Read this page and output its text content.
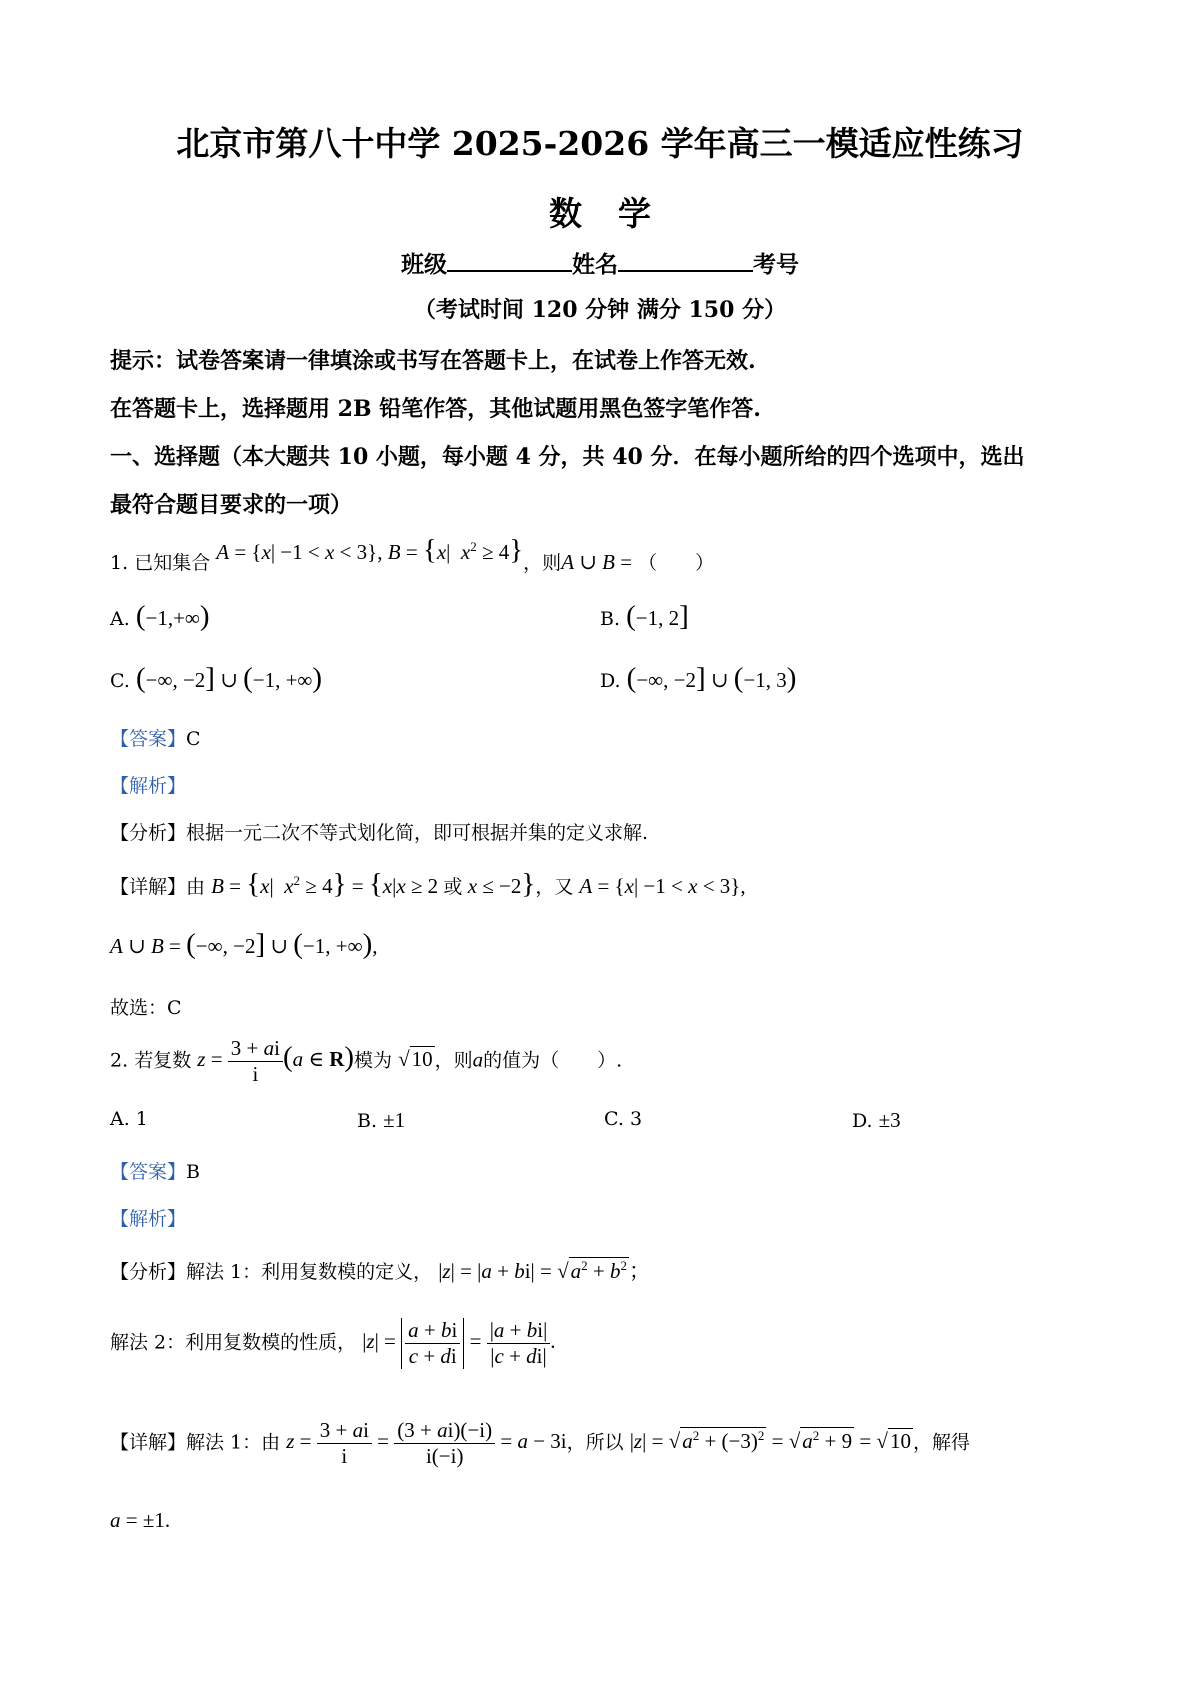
北京市第八十中学 2025-2026 学年高三一模适应性练习
数学
班级	姓名	考号
（考试时间 120 分钟 满分 150 分）
提示：试卷答案请一律填涂或书写在答题卡上，在试卷上作答无效.
在答题卡上，选择题用 2B 铅笔作答，其他试题用黑色签字笔作答.
一、选择题（本大题共 10 小题，每小题 4 分，共 40 分．在每小题所给的四个选项中，选出
最符合题目要求的一项）
1. 已知集合 A = {x| −1 < x < 3}, B = {x|  $x^2 \ge 4$}，则A ∪ B = （　　）
A. (−1,+∞)	B. (−1, 2]
C. (−∞, −2] ∪ (−1, +∞)	D. (−∞, −2] ∪ (−1, 3)
【答案】C
【解析】
【分析】根据一元二次不等式划化简，即可根据并集的定义求解.
【详解】由 B = {x|  $x^2 \ge 4\} = \{x|x \ge 2$ 或 x ≤ −2}，又 A = {x| −1 < x < 3},
A ∪ B = (−∞, −2] ∪ (−1, +∞),
故选：C
2. 若复数 $z = \frac{3 + ai}{i} (a$ ∈ R)模为 √10 ，则a的值为（　　）.
A. 1	B. ±1	C. 3	D. ±3
【答案】B
【解析】
【分析】解法 1：利用复数模的定义， $|z| = |a + bi| = √a^2 + b^2$；
解法 2：利用复数模的性质， $|z| = \frac{a + bi}{c + di} = \frac{|a + bi|}{|c + di|}$ .
【详解】解法 1：由 $z = \frac{3 + ai}{i} = \frac{(3 + ai)(-i)}{i(-i)} = a - 3i$，所以 $|z| = √a^2 + (-3)^2 = √a^2 + 9 = √10$ ，解得
a = ±1.
